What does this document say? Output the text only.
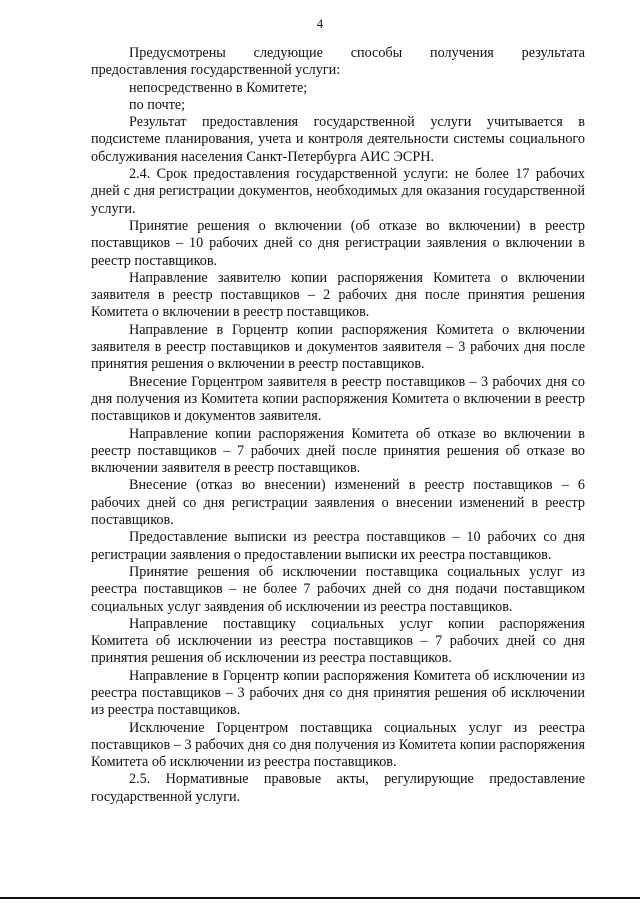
4

Предусмотрены следующие способы получения результата предоставления государственной услуги:

непосредственно в Комитете;

по почте;

Результат предоставления государственной услуги учитывается в подсистеме планирования, учета и контроля деятельности системы социального обслуживания населения Санкт-Петербурга АИС ЭСРН.

2.4. Срок предоставления государственной услуги: не более 17 рабочих дней с дня регистрации документов, необходимых для оказания государственной услуги.

Принятие решения о включении (об отказе во включении) в реестр поставщиков – 10 рабочих дней со дня регистрации заявления о включении в реестр поставщиков.

Направление заявителю копии распоряжения Комитета о включении заявителя в реестр поставщиков – 2 рабочих дня после принятия решения Комитета о включении в реестр поставщиков.

Направление в Горцентр копии распоряжения Комитета о включении заявителя в реестр поставщиков и документов заявителя – 3 рабочих дня после принятия решения о включении в реестр поставщиков.

Внесение Горцентром заявителя в реестр поставщиков – 3 рабочих дня со дня получения из Комитета копии распоряжения Комитета о включении в реестр поставщиков и документов заявителя.

Направление копии распоряжения Комитета об отказе во включении в реестр поставщиков – 7 рабочих дней после принятия решения об отказе во включении заявителя в реестр поставщиков.

Внесение (отказ во внесении) изменений в реестр поставщиков – 6 рабочих дней со дня регистрации заявления о внесении изменений в реестр поставщиков.

Предоставление выписки из реестра поставщиков – 10 рабочих со дня регистрации заявления о предоставлении выписки их реестра поставщиков.

Принятие решения об исключении поставщика социальных услуг из реестра поставщиков – не более 7 рабочих дней со дня подачи поставщиком социальных услуг заявдения об исключении из реестра поставщиков.

Направление поставщику социальных услуг копии распоряжения Комитета об исключении из реестра поставщиков – 7 рабочих дней со дня принятия решения об исключении из реестра поставщиков.

Направление в Горцентр копии распоряжения Комитета об исключении из реестра поставщиков – 3 рабочих дня со дня принятия решения об исключении из реестра поставщиков.

Исключение Горцентром поставщика социальных услуг из реестра поставщиков – 3 рабочих дня со дня получения из Комитета копии распоряжения Комитета об исключении из реестра поставщиков.

2.5. Нормативные правовые акты, регулирующие предоставление государственной услуги.
